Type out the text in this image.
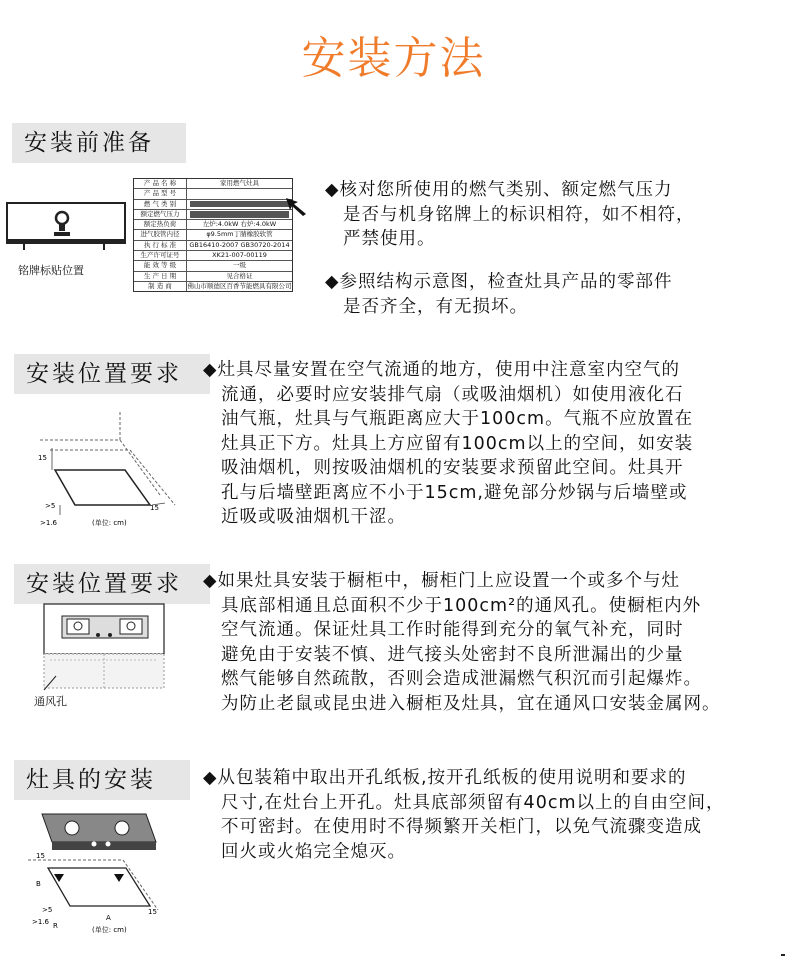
安装方法
安装前准备
铭牌标贴位置
产 品 名 称	家用燃气灶具
产 品 型 号
燃 气 类 别
额定燃气压力
额定热负荷	左炉:4.0kW 右炉:4.0kW
进气胶管内径	φ9.5mm丁腈橡胶软管
执 行 标 准	GB16410-2007 GB30720-2014
生产许可证号	XK21-007-00119
能 效 等 级	一级
生 产 日 期	见合格证
制 造 商	佛山市顺德区百香节能燃具有限公司
◆核对您所使用的燃气类别、额定燃气压力
是否与机身铭牌上的标识相符，如不相符，
严禁使用。
◆参照结构示意图，检查灶具产品的零部件
是否齐全，有无损坏。
安装位置要求
15
15
>5
>1.6	(单位: cm)
◆灶具尽量安置在空气流通的地方，使用中注意室内空气的
流通，必要时应安装排气扇（或吸油烟机）如使用液化石
油气瓶，灶具与气瓶距离应大于100cm。气瓶不应放置在
灶具正下方。灶具上方应留有100cm以上的空间，如安装
吸油烟机，则按吸油烟机的安装要求预留此空间。灶具开
孔与后墙壁距离应不小于15cm,避免部分炒锅与后墙壁或
近吸或吸油烟机干涩。
安装位置要求
通风孔
◆如果灶具安装于橱柜中，橱柜门上应设置一个或多个与灶
具底部相通且总面积不少于100cm²的通风孔。使橱柜内外
空气流通。保证灶具工作时能得到充分的氧气补充，同时
避免由于安装不慎、进气接头处密封不良所泄漏出的少量
燃气能够自然疏散，否则会造成泄漏燃气积沉而引起爆炸。
为防止老鼠或昆虫进入橱柜及灶具，宜在通风口安装金属网。
灶具的安装
15
B
>5
>1.6 R
A
15
(单位: cm)
◆从包装箱中取出开孔纸板,按开孔纸板的使用说明和要求的
尺寸,在灶台上开孔。灶具底部须留有40cm以上的自由空间，
不可密封。在使用时不得频繁开关柜门，以免气流骤变造成
回火或火焰完全熄灭。
